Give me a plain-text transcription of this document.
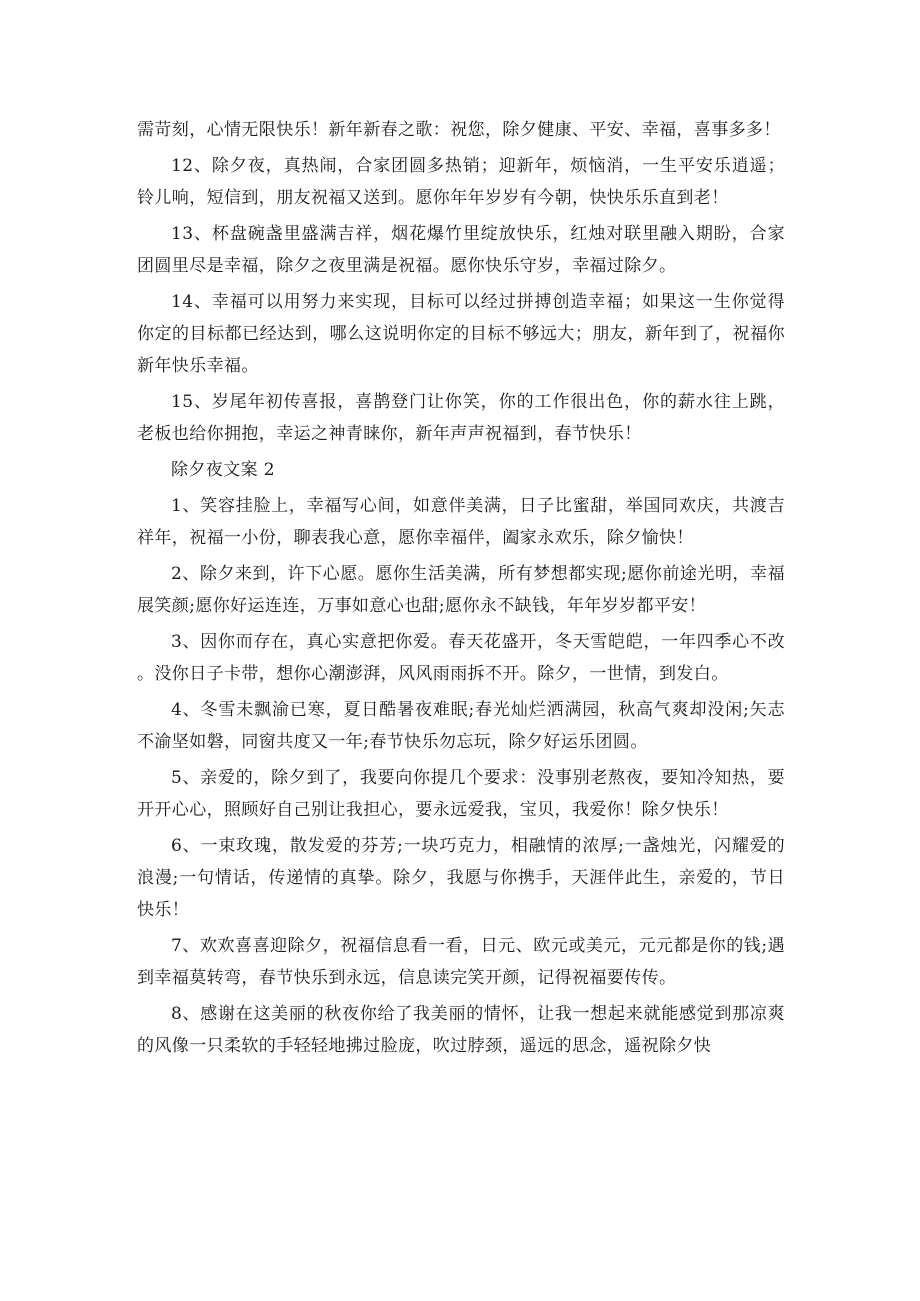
需苛刻，心情无限快乐！新年新春之歌：祝您，除夕健康、平安、幸福，喜事多多！

12、除夕夜，真热闹，合家团圆多热销；迎新年，烦恼消，一生平安乐逍遥；铃儿响，短信到，朋友祝福又送到。愿你年年岁岁有今朝，快快乐乐直到老！

13、杯盘碗盏里盛满吉祥，烟花爆竹里绽放快乐，红烛对联里融入期盼，合家团圆里尽是幸福，除夕之夜里满是祝福。愿你快乐守岁，幸福过除夕。

14、幸福可以用努力来实现，目标可以经过拼搏创造幸福；如果这一生你觉得你定的目标都已经达到，哪么这说明你定的目标不够远大；朋友，新年到了，祝福你新年快乐幸福。

15、岁尾年初传喜报，喜鹊登门让你笑，你的工作很出色，你的薪水往上跳，老板也给你拥抱，幸运之神青睐你，新年声声祝福到，春节快乐！

除夕夜文案 2

1、笑容挂脸上，幸福写心间，如意伴美满，日子比蜜甜，举国同欢庆，共渡吉祥年，祝福一小份，聊表我心意，愿你幸福伴，阖家永欢乐，除夕愉快！

2、除夕来到，许下心愿。愿你生活美满，所有梦想都实现;愿你前途光明，幸福展笑颜;愿你好运连连，万事如意心也甜;愿你永不缺钱，年年岁岁都平安！

3、因你而存在，真心实意把你爱。春天花盛开，冬天雪皑皑，一年四季心不改。没你日子卡带，想你心潮澎湃，风风雨雨拆不开。除夕，一世情，到发白。

4、冬雪未飘渝已寒，夏日酷暑夜难眠;春光灿烂洒满园，秋高气爽却没闲;矢志不渝坚如磐，同窗共度又一年;春节快乐勿忘玩，除夕好运乐团圆。

5、亲爱的，除夕到了，我要向你提几个要求：没事别老熬夜，要知冷知热，要开开心心，照顾好自己别让我担心，要永远爱我，宝贝，我爱你！除夕快乐！

6、一束玫瑰，散发爱的芬芳;一块巧克力，相融情的浓厚;一盏烛光，闪耀爱的浪漫;一句情话，传递情的真挚。除夕，我愿与你携手，天涯伴此生，亲爱的，节日快乐！

7、欢欢喜喜迎除夕，祝福信息看一看，日元、欧元或美元，元元都是你的钱;遇到幸福莫转弯，春节快乐到永远，信息读完笑开颜，记得祝福要传传。

8、感谢在这美丽的秋夜你给了我美丽的情怀，让我一想起来就能感觉到那凉爽的风像一只柔软的手轻轻地拂过脸庞，吹过脖颈，遥远的思念，遥祝除夕快
